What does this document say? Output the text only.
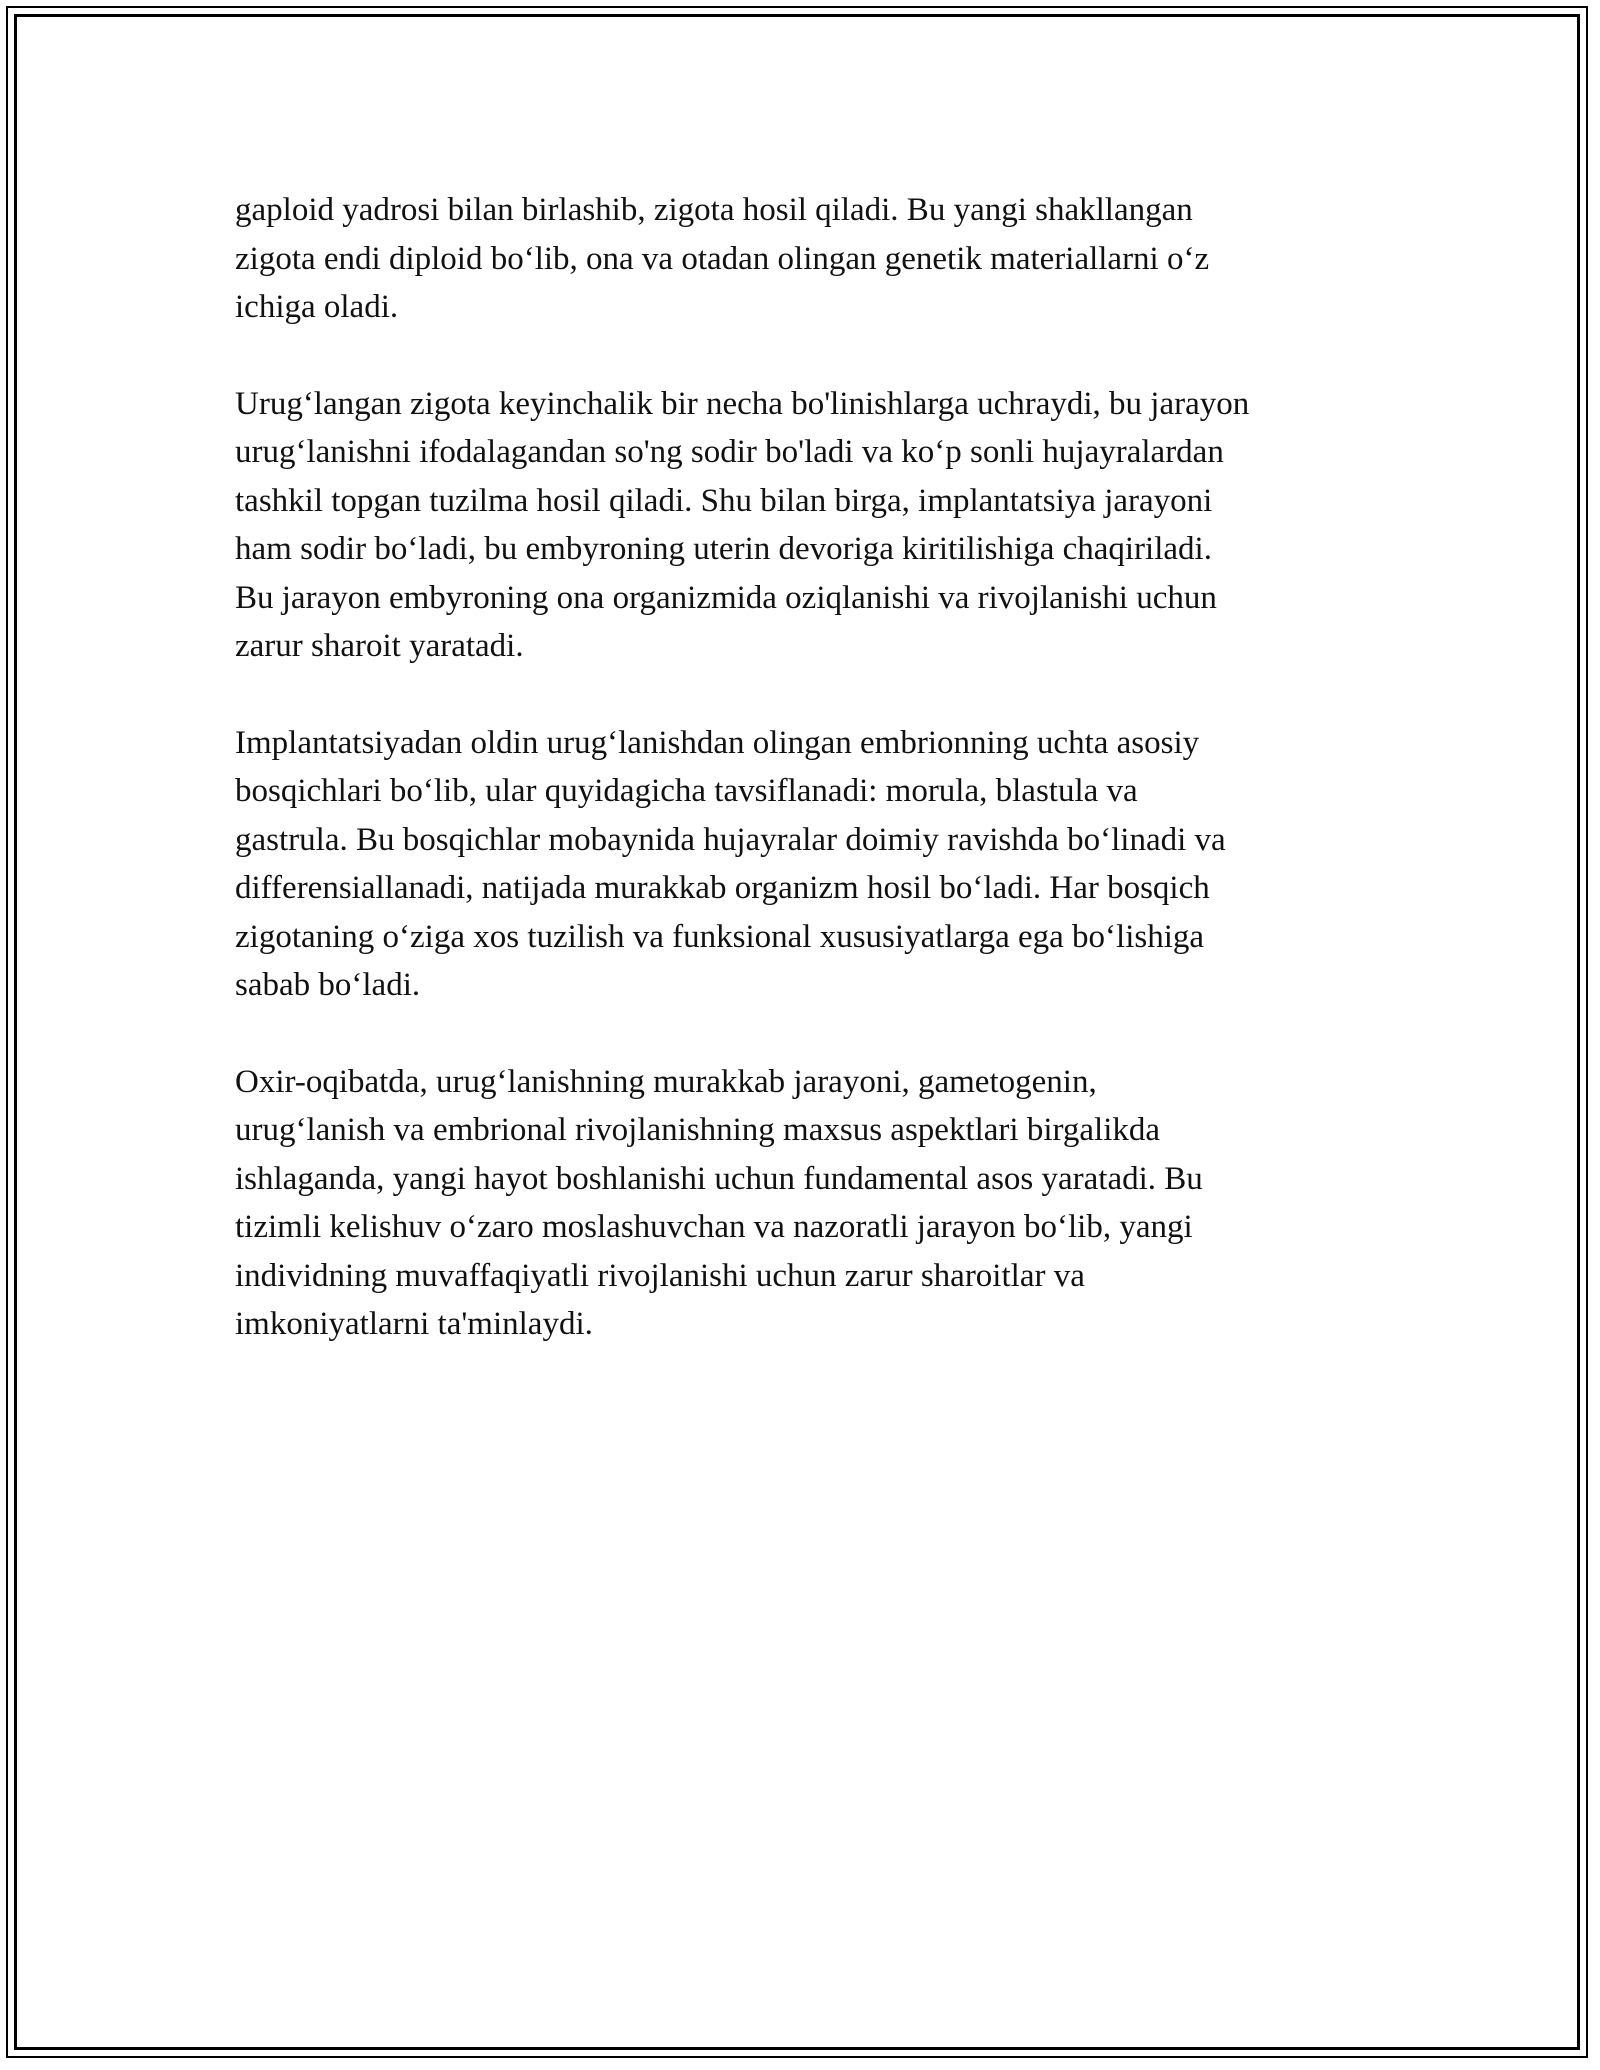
gaploid yadrosi bilan birlashib, zigota hosil qiladi. Bu yangi shakllangan
zigota endi diploid bo‘lib, ona va otadan olingan genetik materiallarni o‘z
ichiga oladi.

Urug‘langan zigota keyinchalik bir necha bo'linishlarga uchraydi, bu jarayon
urug‘lanishni ifodalagandan so'ng sodir bo'ladi va ko‘p sonli hujayralardan
tashkil topgan tuzilma hosil qiladi. Shu bilan birga, implantatsiya jarayoni
ham sodir bo‘ladi, bu embyroning uterin devoriga kiritilishiga chaqiriladi.
Bu jarayon embyroning ona organizmida oziqlanishi va rivojlanishi uchun
zarur sharoit yaratadi.

Implantatsiyadan oldin urug‘lanishdan olingan embrionning uchta asosiy
bosqichlari bo‘lib, ular quyidagicha tavsiflanadi: morula, blastula va
gastrula. Bu bosqichlar mobaynida hujayralar doimiy ravishda bo‘linadi va
differensiallanadi, natijada murakkab organizm hosil bo‘ladi. Har bosqich
zigotaning o‘ziga xos tuzilish va funksional xususiyatlarga ega bo‘lishiga
sabab bo‘ladi.

Oxir-oqibatda, urug‘lanishning murakkab jarayoni, gametogenin,
urug‘lanish va embrional rivojlanishning maxsus aspektlari birgalikda
ishlaganda, yangi hayot boshlanishi uchun fundamental asos yaratadi. Bu
tizimli kelishuv o‘zaro moslashuvchan va nazoratli jarayon bo‘lib, yangi
individning muvaffaqiyatli rivojlanishi uchun zarur sharoitlar va
imkoniyatlarni ta'minlaydi.
